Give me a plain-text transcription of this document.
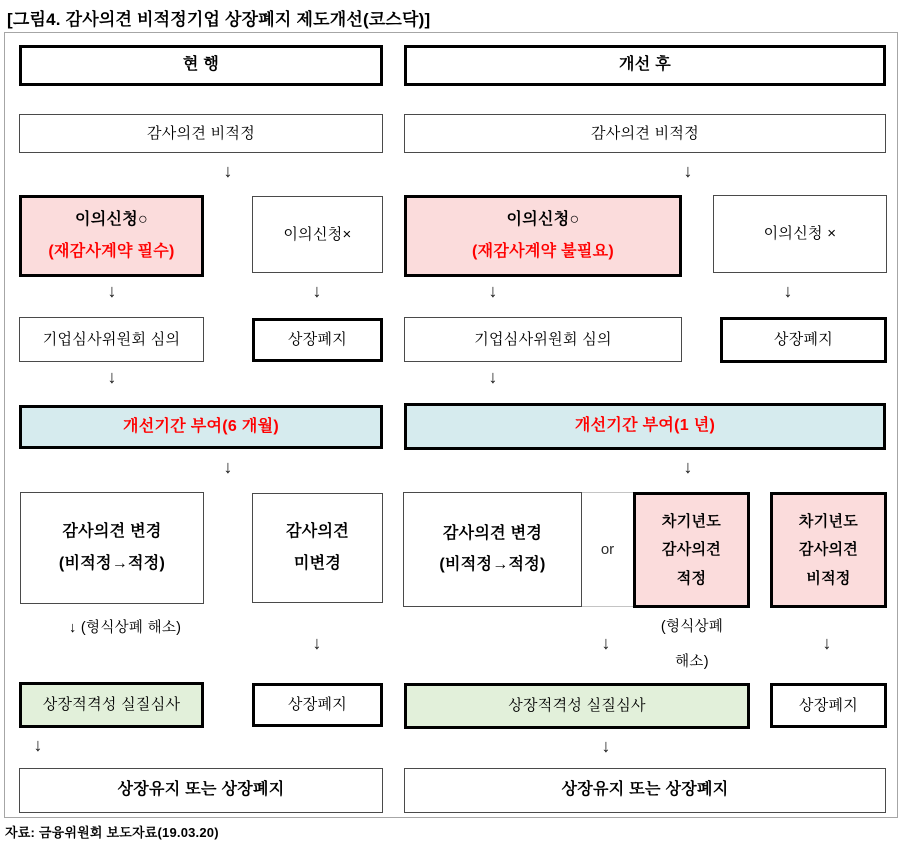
[그림4. 감사의견 비적정기업 상장폐지 제도개선(코스닥)]
현 행
감사의견 비적정
↓
이의신청○
(재감사계약 필수)
이의신청×
↓	↓
기업심사위원회 심의	상장폐지
↓
개선기간 부여(6 개월)
↓
감사의견 변경
(비적정→적정)
감사의견
미변경
↓ (형식상폐 해소)
↓
상장적격성 실질심사	상장폐지
↓
상장유지 또는 상장폐지
개선 후
감사의견 비적정
↓
이의신청○
(재감사계약 불필요)
이의신청 ×
↓	↓
기업심사위원회 심의	상장폐지
↓
개선기간 부여(1 년)
↓
감사의견 변경
(비적정→적정)
or
차기년도
감사의견
적정
차기년도
감사의견
비적정
↓
(형식상폐
해소)
↓
상장적격성 실질심사	상장폐지
↓
상장유지 또는 상장폐지
자료: 금융위원회 보도자료(19.03.20)
